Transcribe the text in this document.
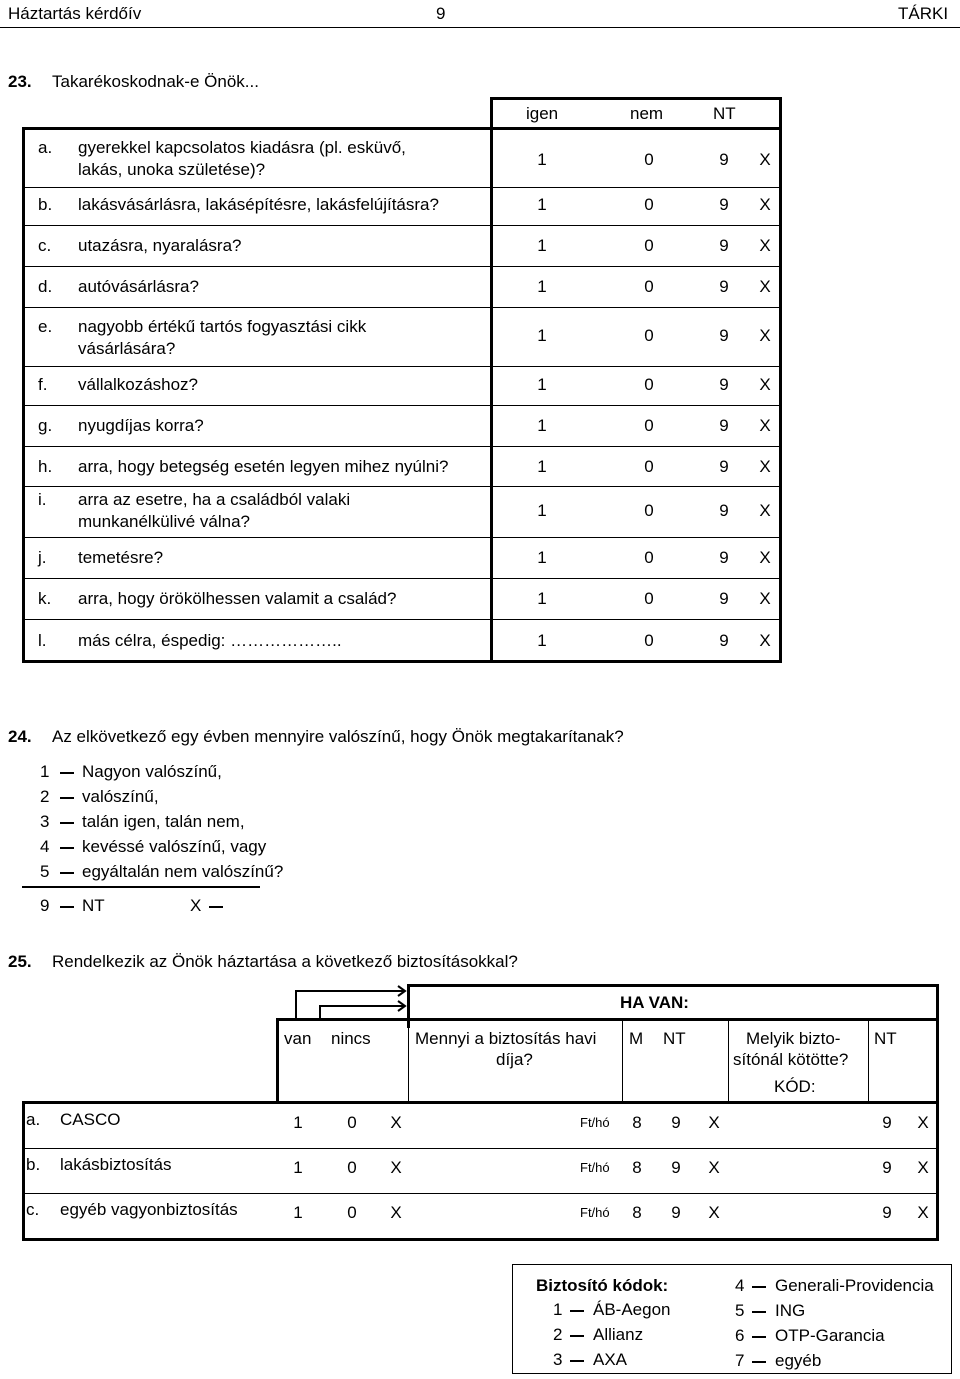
Háztartás kérdőív	9	TÁRKI
23. Takarékoskodnak-e Önök...
igen	nem	NT
a. gyerekkel kapcsolatos kiadásra (pl. esküvő,
lakás, unoka születése)?
1	0	9	X
b. lakásvásárlásra, lakásépítésre, lakásfelújításra?	1	0	9	X
c. utazásra, nyaralásra?	1	0	9	X
d. autóvásárlásra?	1	0	9	X
e. nagyobb értékű tartós fogyasztási cikk
vásárlására?
1	0	9	X
f. vállalkozáshoz?	1	0	9	X
g. nyugdíjas korra?	1	0	9	X
h. arra, hogy betegség esetén legyen mihez nyúlni?	1	0	9	X
i. arra az esetre, ha a családból valaki
munkanélkülivé válna?
1	0	9	X
j. temetésre?	1	0	9	X
k. arra, hogy örökölhessen valamit a család?	1	0	9	X
l. más célra, éspedig: ………………..	1	0	9	X
24. Az elkövetkező egy évben mennyire valószínű, hogy Önök megtakarítanak?
1 Nagyon valószínű,
2 valószínű,
3 talán igen, talán nem,
4 kevéssé valószínű, vagy
5 egyáltalán nem valószínű?
9 NT	X
25. Rendelkezik az Önök háztartása a következő biztosításokkal?
HA VAN:
van nincs	Mennyi a biztosítás havi
díja?
M NT	Melyik bizto-
sítónál kötötte?
KÓD:
NT
a. CASCO	1	0	X	Ft/hó	8	9	X	9	X
b. lakásbiztosítás	1	0	X	Ft/hó	8	9	X	9	X
c. egyéb vagyonbiztosítás	1	0	X	Ft/hó	8	9	X	9	X
Biztosító kódok:
1 ÁB-Aegon
2 Allianz
3 AXA
4 Generali-Providencia
5 ING
6 OTP-Garancia
7 egyéb
